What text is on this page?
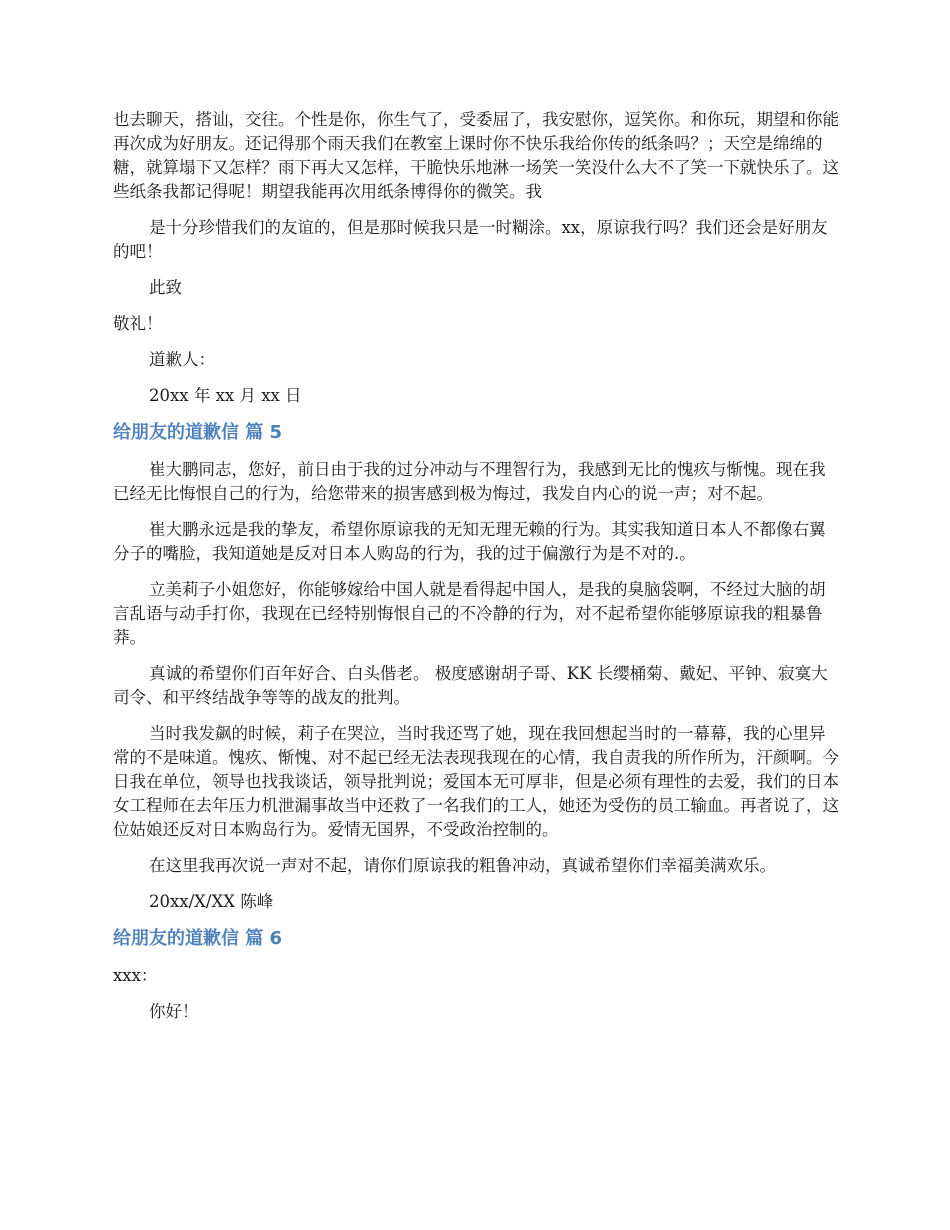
也去聊天，搭讪，交往。个性是你，你生气了，受委屈了，我安慰你，逗笑你。和你玩，期望和你能再次成为好朋友。还记得那个雨天我们在教室上课时你不快乐我给你传的纸条吗？；天空是绵绵的糖，就算塌下又怎样？雨下再大又怎样，干脆快乐地淋一场笑一笑没什么大不了笑一下就快乐了。这些纸条我都记得呢！期望我能再次用纸条博得你的微笑。我

是十分珍惜我们的友谊的，但是那时候我只是一时糊涂。xx，原谅我行吗？我们还会是好朋友的吧！

此致

敬礼！

道歉人：

20xx 年 xx 月 xx 日

给朋友的道歉信 篇 5

崔大鹏同志，您好，前日由于我的过分冲动与不理智行为，我感到无比的愧疚与惭愧。现在我已经无比悔恨自己的行为，给您带来的损害感到极为悔过，我发自内心的说一声；对不起。

崔大鹏永远是我的挚友，希望你原谅我的无知无理无赖的行为。其实我知道日本人不都像右翼分子的嘴脸，我知道她是反对日本人购岛的行为，我的过于偏激行为是不对的.。

立美莉子小姐您好，你能够嫁给中国人就是看得起中国人，是我的臭脑袋啊，不经过大脑的胡言乱语与动手打你，我现在已经特别悔恨自己的不冷静的行为，对不起希望你能够原谅我的粗暴鲁莽。

真诚的希望你们百年好合、白头偕老。 极度感谢胡子哥、KK 长缨桶菊、戴妃、平钟、寂寞大司令、和平终结战争等等的战友的批判。

当时我发飙的时候，莉子在哭泣，当时我还骂了她，现在我回想起当时的一幕幕，我的心里异常的不是味道。愧疚、惭愧、对不起已经无法表现我现在的心情，我自责我的所作所为，汗颜啊。今日我在单位，领导也找我谈话，领导批判说；爱国本无可厚非，但是必须有理性的去爱，我们的日本女工程师在去年压力机泄漏事故当中还救了一名我们的工人，她还为受伤的员工输血。再者说了，这位姑娘还反对日本购岛行为。爱情无国界，不受政治控制的。

在这里我再次说一声对不起，请你们原谅我的粗鲁冲动，真诚希望你们幸福美满欢乐。

20xx/X/XX 陈峰

给朋友的道歉信 篇 6

xxx：

你好！
